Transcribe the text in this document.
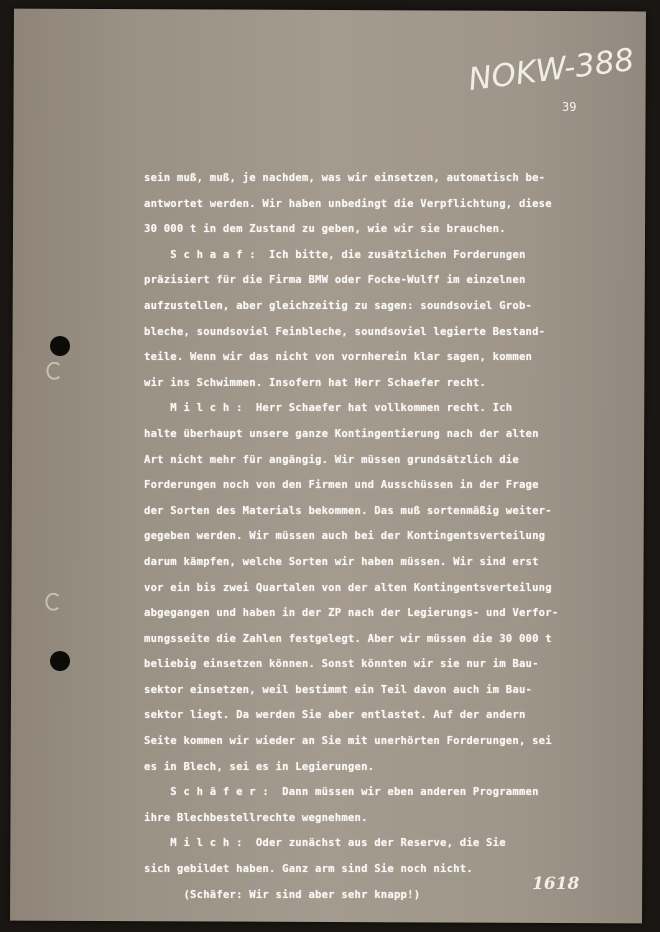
NOKW-388
39
sein muß, muß, je nachdem, was wir einsetzen, automatisch be-
antwortet werden. Wir haben unbedingt die Verpflichtung, diese
30 000 t in dem Zustand zu geben, wie wir sie brauchen.
S c h a a f :  Ich bitte, die zusätzlichen Forderungen
präzisiert für die Firma BMW oder Focke-Wulff im einzelnen
aufzustellen, aber gleichzeitig zu sagen: soundsoviel Grob-
bleche, soundsoviel Feinbleche, soundsoviel legierte Bestand-
teile. Wenn wir das nicht von vornherein klar sagen, kommen
wir ins Schwimmen. Insofern hat Herr Schaefer recht.
M i l c h :  Herr Schaefer hat vollkommen recht. Ich
halte überhaupt unsere ganze Kontingentierung nach der alten
Art nicht mehr für angängig. Wir müssen grundsätzlich die
Forderungen noch von den Firmen und Ausschüssen in der Frage
der Sorten des Materials bekommen. Das muß sortenmäßig weiter-
gegeben werden. Wir müssen auch bei der Kontingentsverteilung
darum kämpfen, welche Sorten wir haben müssen. Wir sind erst
vor ein bis zwei Quartalen von der alten Kontingentsverteilung
abgegangen und haben in der ZP nach der Legierungs- und Verfor-
mungsseite die Zahlen festgelegt. Aber wir müssen die 30 000 t
beliebig einsetzen können. Sonst könnten wir sie nur im Bau-
sektor einsetzen, weil bestimmt ein Teil davon auch im Bau-
sektor liegt. Da werden Sie aber entlastet. Auf der andern
Seite kommen wir wieder an Sie mit unerhörten Forderungen, sei
es in Blech, sei es in Legierungen.
S c h ä f e r :  Dann müssen wir eben anderen Programmen
ihre Blechbestellrechte wegnehmen.
M i l c h :  Oder zunächst aus der Reserve, die Sie
sich gebildet haben. Ganz arm sind Sie noch nicht.
(Schäfer: Wir sind aber sehr knapp!)
1618
